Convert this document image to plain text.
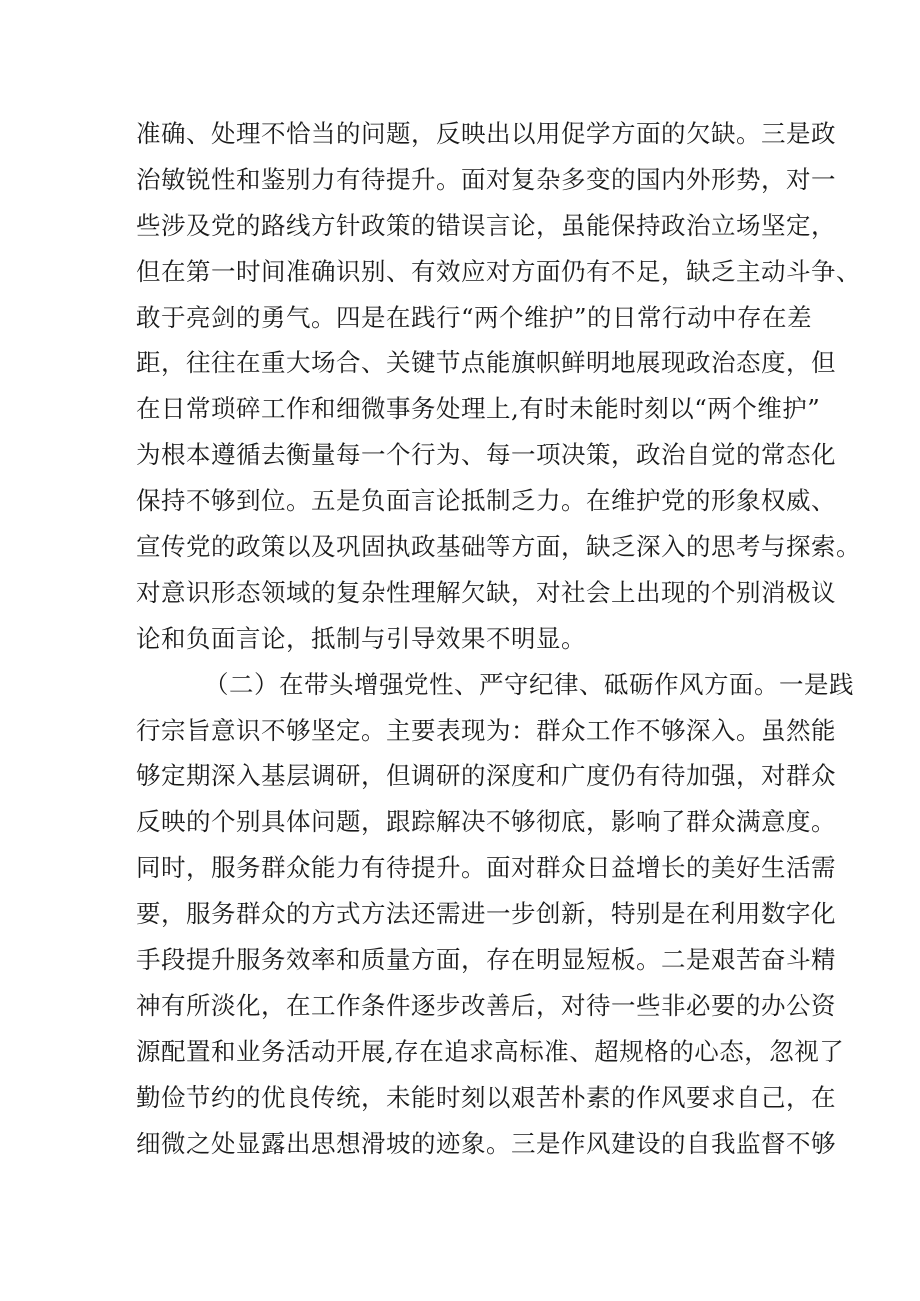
准确、处理不恰当的问题，反映出以用促学方面的欠缺。三是政
治敏锐性和鉴别力有待提升。面对复杂多变的国内外形势，对一
些涉及党的路线方针政策的错误言论，虽能保持政治立场坚定，
但在第一时间准确识别、有效应对方面仍有不足，缺乏主动斗争、
敢于亮剑的勇气。四是在践行“两个维护”的日常行动中存在差
距，往往在重大场合、关键节点能旗帜鲜明地展现政治态度，但
在日常琐碎工作和细微事务处理上,有时未能时刻以“两个维护”
为根本遵循去衡量每一个行为、每一项决策，政治自觉的常态化
保持不够到位。五是负面言论抵制乏力。在维护党的形象权威、
宣传党的政策以及巩固执政基础等方面，缺乏深入的思考与探索。
对意识形态领域的复杂性理解欠缺，对社会上出现的个别消极议
论和负面言论，抵制与引导效果不明显。
（二）在带头增强党性、严守纪律、砥砺作风方面。一是践
行宗旨意识不够坚定。主要表现为：群众工作不够深入。虽然能
够定期深入基层调研，但调研的深度和广度仍有待加强，对群众
反映的个别具体问题，跟踪解决不够彻底，影响了群众满意度。
同时，服务群众能力有待提升。面对群众日益增长的美好生活需
要，服务群众的方式方法还需进一步创新，特别是在利用数字化
手段提升服务效率和质量方面，存在明显短板。二是艰苦奋斗精
神有所淡化，在工作条件逐步改善后，对待一些非必要的办公资
源配置和业务活动开展,存在追求高标准、超规格的心态，忽视了
勤俭节约的优良传统，未能时刻以艰苦朴素的作风要求自己，在
细微之处显露出思想滑坡的迹象。三是作风建设的自我监督不够
